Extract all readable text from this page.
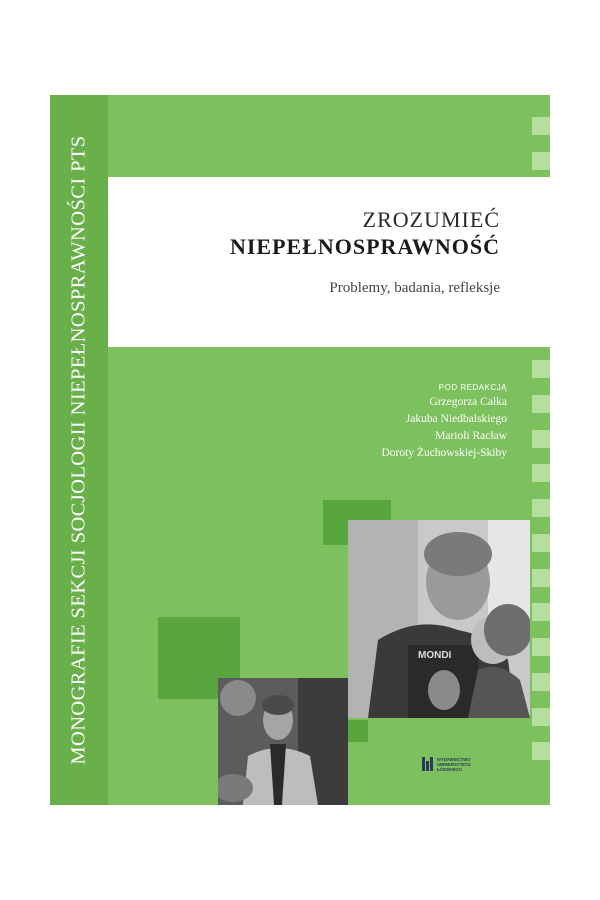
MONOGRAFIE SEKCJI SOCJOLOGII NIEPEŁNOSPRAWNOŚCI PTS	ZROZUMIEĆ
NIEPEŁNOSPRAWNOŚĆ
Problemy, badania, refleksje
POD REDAKCJĄ
Grzegorza Całka
Jakuba Niedbalskiego
Marioli Racław
Doroty Żuchowskiej-Skiby
MONDI
WYDAWNICTWO
UNIWERSYTETU
ŁÓDZKIEGO
